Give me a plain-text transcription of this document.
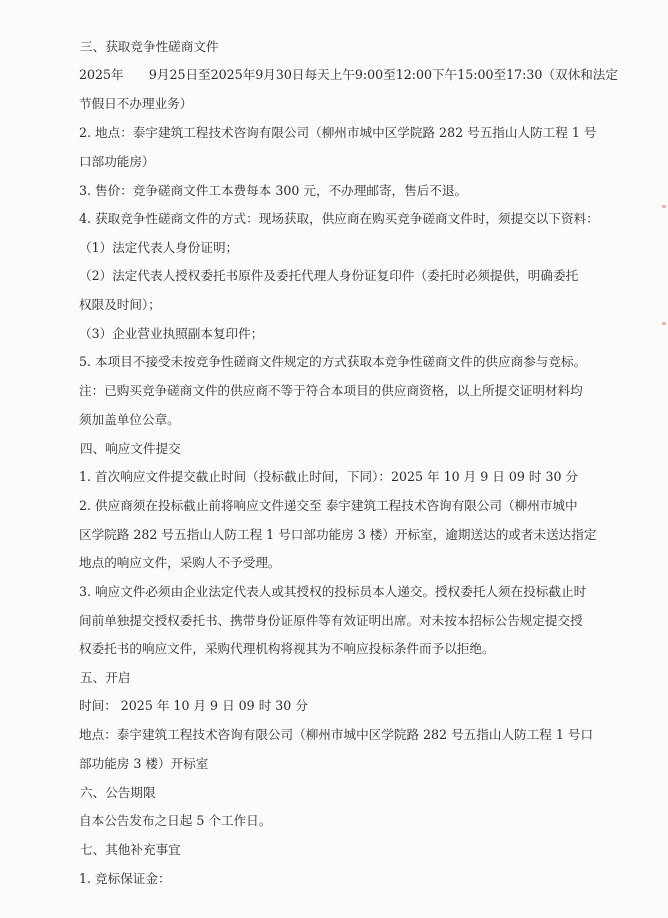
三、获取竞争性磋商文件
2025年　　9月25日至2025年9月30日每天上午9:00至12:00下午15:00至17:30（双休和法定
节假日不办理业务）
2. 地点：泰宇建筑工程技术咨询有限公司（柳州市城中区学院路 282 号五指山人防工程 1 号
口部功能房）
3. 售价：竞争磋商文件工本费每本 300 元，不办理邮寄，售后不退。
4. 获取竞争性磋商文件的方式：现场获取，供应商在购买竞争磋商文件时，须提交以下资料：
（1）法定代表人身份证明；
（2）法定代表人授权委托书原件及委托代理人身份证复印件（委托时必须提供，明确委托
权限及时间）；
（3）企业营业执照副本复印件；
5. 本项目不接受未按竞争性磋商文件规定的方式获取本竞争性磋商文件的供应商参与竞标。
注：已购买竞争磋商文件的供应商不等于符合本项目的供应商资格，以上所提交证明材料均
须加盖单位公章。
四、响应文件提交
1. 首次响应文件提交截止时间（投标截止时间，下同）：2025 年 10 月 9 日 09 时 30 分
2. 供应商须在投标截止前将响应文件递交至 泰宇建筑工程技术咨询有限公司（柳州市城中
区学院路 282 号五指山人防工程 1 号口部功能房 3 楼）开标室，逾期送达的或者未送达指定
地点的响应文件，采购人不予受理。
3. 响应文件必须由企业法定代表人或其授权的投标员本人递交。授权委托人须在投标截止时
间前单独提交授权委托书、携带身份证原件等有效证明出席。对未按本招标公告规定提交授
权委托书的响应文件，采购代理机构将视其为不响应投标条件而予以拒绝。
五、开启
时间： 2025 年 10 月 9 日 09 时 30 分
地点：泰宇建筑工程技术咨询有限公司（柳州市城中区学院路 282 号五指山人防工程 1 号口
部功能房 3 楼）开标室
六、公告期限
自本公告发布之日起 5 个工作日。
七、其他补充事宜
1. 竞标保证金：
